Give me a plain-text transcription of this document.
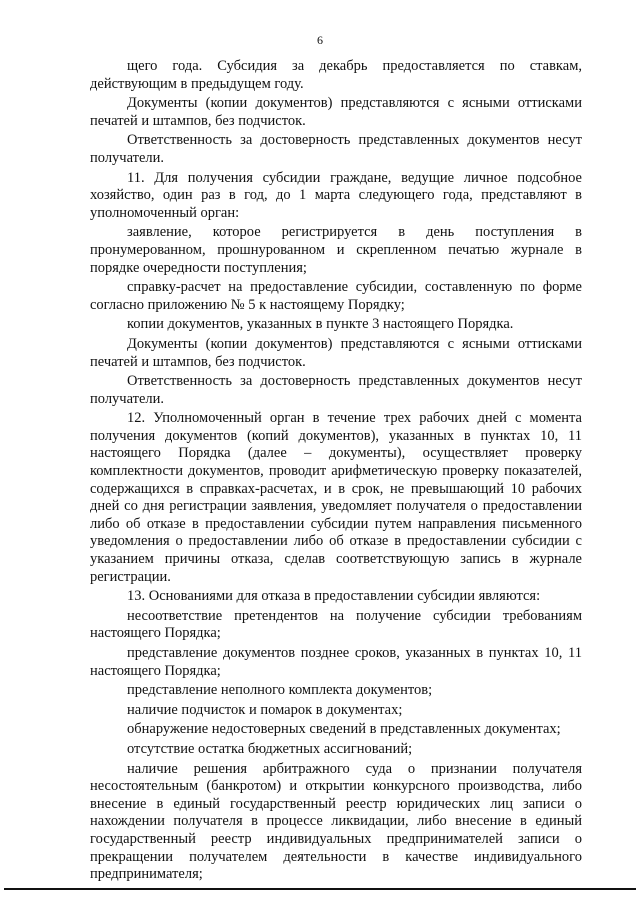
6

щего года. Субсидия за декабрь предоставляется по ставкам, действующим в предыдущем году.

Документы (копии документов) представляются с ясными оттисками печатей и штампов, без подчисток.

Ответственность за достоверность представленных документов несут получатели.

11. Для получения субсидии граждане, ведущие личное подсобное хозяйство, один раз в год, до 1 марта следующего года, представляют в уполномоченный орган:

заявление, которое регистрируется в день поступления в пронумерованном, прошнурованном и скрепленном печатью журнале в порядке очередности поступления;

справку-расчет на предоставление субсидии, составленную по форме согласно приложению № 5 к настоящему Порядку;

копии документов, указанных в пункте 3 настоящего Порядка.

Документы (копии документов) представляются с ясными оттисками печатей и штампов, без подчисток.

Ответственность за достоверность представленных документов несут получатели.

12. Уполномоченный орган в течение трех рабочих дней с момента получения документов (копий документов), указанных в пунктах 10, 11 настоящего Порядка (далее – документы), осуществляет проверку комплектности документов, проводит арифметическую проверку показателей, содержащихся в справках-расчетах, и в срок, не превышающий 10 рабочих дней со дня регистрации заявления, уведомляет получателя о предоставлении либо об отказе в предоставлении субсидии путем направления письменного уведомления о предоставлении либо об отказе в предоставлении субсидии с указанием причины отказа, сделав соответствующую запись в журнале регистрации.

13. Основаниями для отказа в предоставлении субсидии являются:

несоответствие претендентов на получение субсидии требованиям настоящего Порядка;

представление документов позднее сроков, указанных в пунктах 10, 11 настоящего Порядка;

представление неполного комплекта документов;

наличие подчисток и помарок в документах;

обнаружение недостоверных сведений в представленных документах;

отсутствие остатка бюджетных ассигнований;

наличие решения арбитражного суда о признании получателя несостоятельным (банкротом) и открытии конкурсного производства, либо внесение в единый государственный реестр юридических лиц записи о нахождении получателя в процессе ликвидации, либо внесение в единый государственный реестр индивидуальных предпринимателей записи о прекращении получателем деятельности в качестве индивидуального предпринимателя;
